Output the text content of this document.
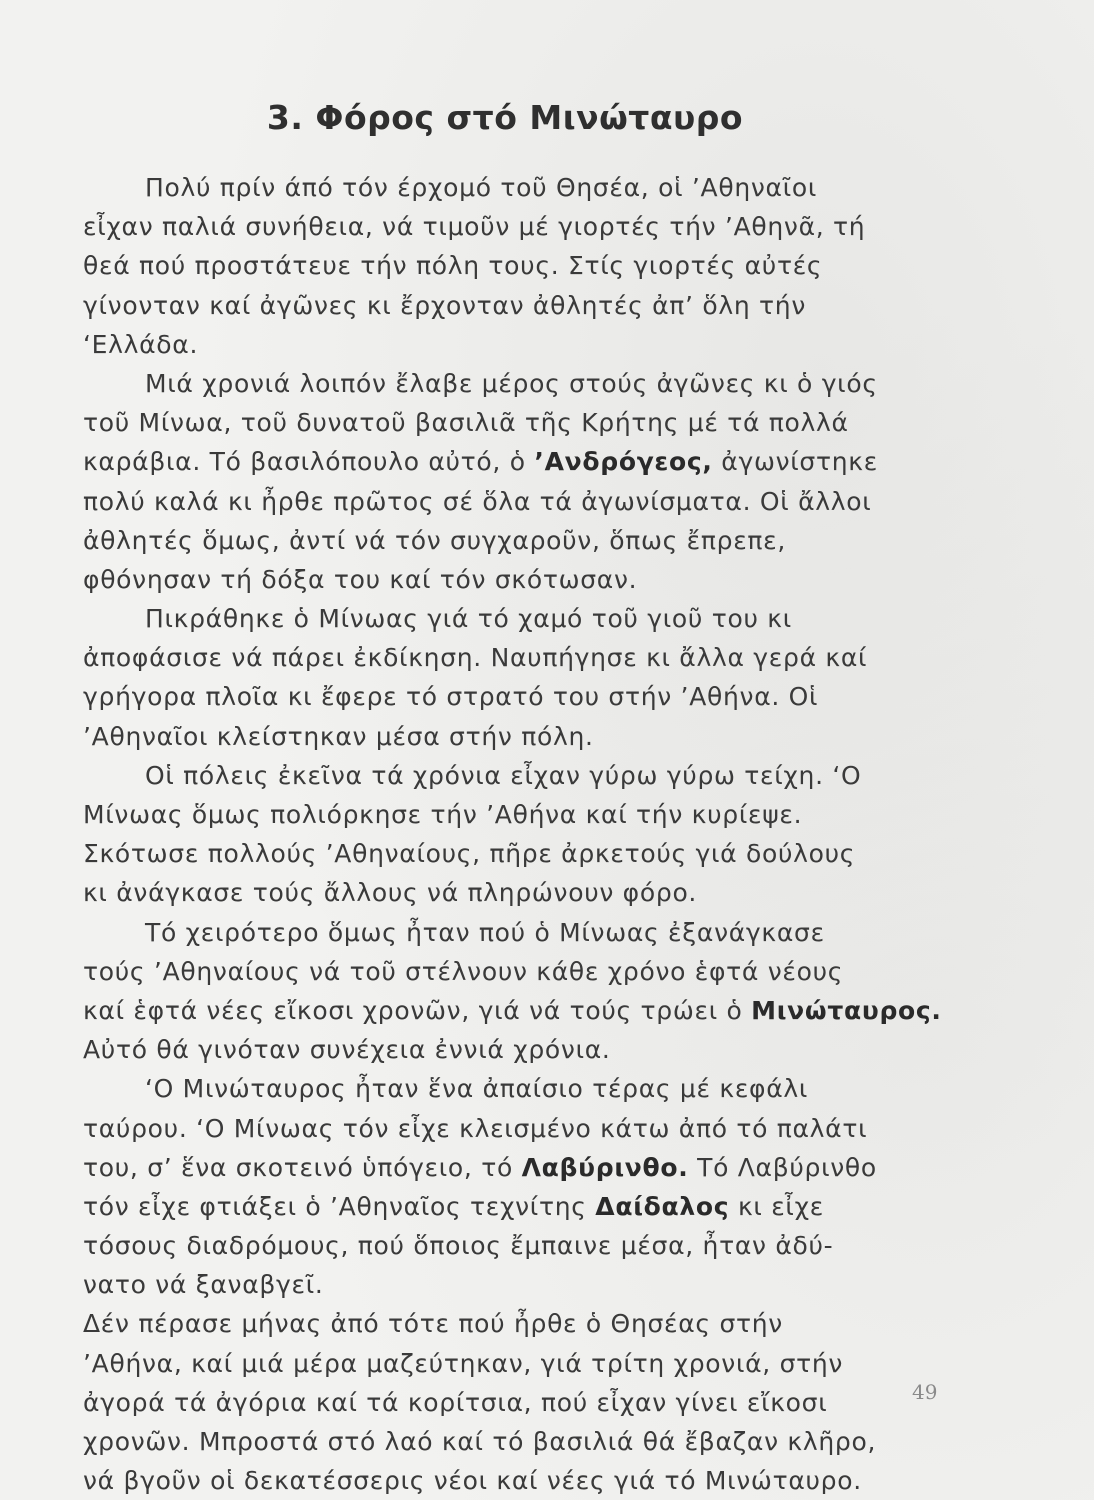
3. Φόρος στό Μινώταυρο
Πολύ πρίν άπό τόν έρχομό τοῦ Θησέα, οἱ ’Αθηναῖοι
εἶχαν παλιά συνήθεια, νά τιμοῦν μέ γιορτές τήν ’Αθηνᾶ, τή
θεά πού προστάτευε τήν πόλη τους. Στίς γιορτές αὐτές
γίνονταν καί ἀγῶνες κι ἔρχονταν ἀθλητές ἀπ’ ὅλη τήν
‘Ελλάδα.
Μιά χρονιά λοιπόν ἔλαβε μέρος στούς ἀγῶνες κι ὁ γιός
τοῦ Μίνωα, τοῦ δυνατοῦ βασιλιᾶ τῆς Κρήτης μέ τά πολλά
καράβια. Τό βασιλόπουλο αὐτό, ὁ ’Ανδρόγεος, ἀγωνίστηκε
πολύ καλά κι ἦρθε πρῶτος σέ ὅλα τά ἀγωνίσματα. Οἱ ἄλλοι
ἀθλητές ὅμως, ἀντί νά τόν συγχαροῦν, ὅπως ἔπρεπε,
φθόνησαν τή δόξα του καί τόν σκότωσαν.
Πικράθηκε ὁ Μίνωας γιά τό χαμό τοῦ γιοῦ του κι
ἀποφάσισε νά πάρει ἐκδίκηση. Ναυπήγησε κι ἄλλα γερά καί
γρήγορα πλοῖα κι ἔφερε τό στρατό του στήν ’Αθήνα. Οἱ
’Αθηναῖοι κλείστηκαν μέσα στήν πόλη.
Οἱ πόλεις ἐκεῖνα τά χρόνια εἶχαν γύρω γύρω τείχη. ‘Ο
Μίνωας ὅμως πολιόρκησε τήν ’Αθήνα καί τήν κυρίεψε.
Σκότωσε πολλούς ’Αθηναίους, πῆρε ἀρκετούς γιά δούλους
κι ἀνάγκασε τούς ἄλλους νά πληρώνουν φόρο.
Τό χειρότερο ὅμως ἦταν πού ὁ Μίνωας ἐξανάγκασε
τούς ’Αθηναίους νά τοῦ στέλνουν κάθε χρόνο ἑφτά νέους
καί ἑφτά νέες εἴκοσι χρονῶν, γιά νά τούς τρώει ὁ Μινώταυρος.
Αὐτό θά γινόταν συνέχεια ἐννιά χρόνια.
‘Ο Μινώταυρος ἦταν ἕνα ἀπαίσιο τέρας μέ κεφάλι
ταύρου. ‘Ο Μίνωας τόν εἶχε κλεισμένο κάτω ἀπό τό παλάτι
του, σ’ ἕνα σκοτεινό ὑπόγειο, τό Λαβύρινθο. Τό Λαβύρινθο
τόν εἶχε φτιάξει ὁ ’Αθηναῖος τεχνίτης Δαίδαλος κι εἶχε
τόσους διαδρόμους, πού ὅποιος ἔμπαινε μέσα, ἦταν ἀδύ-
νατο νά ξαναβγεῖ.
Δέν πέρασε μήνας ἀπό τότε πού ἦρθε ὁ Θησέας στήν
’Αθήνα, καί μιά μέρα μαζεύτηκαν, γιά τρίτη χρονιά, στήν
ἀγορά τά ἀγόρια καί τά κορίτσια, πού εἶχαν γίνει εἴκοσι
χρονῶν. Μπροστά στό λαό καί τό βασιλιά θά ἔβαζαν κλῆρο,
νά βγοῦν οἱ δεκατέσσερις νέοι καί νέες γιά τό Μινώταυρο.
49
